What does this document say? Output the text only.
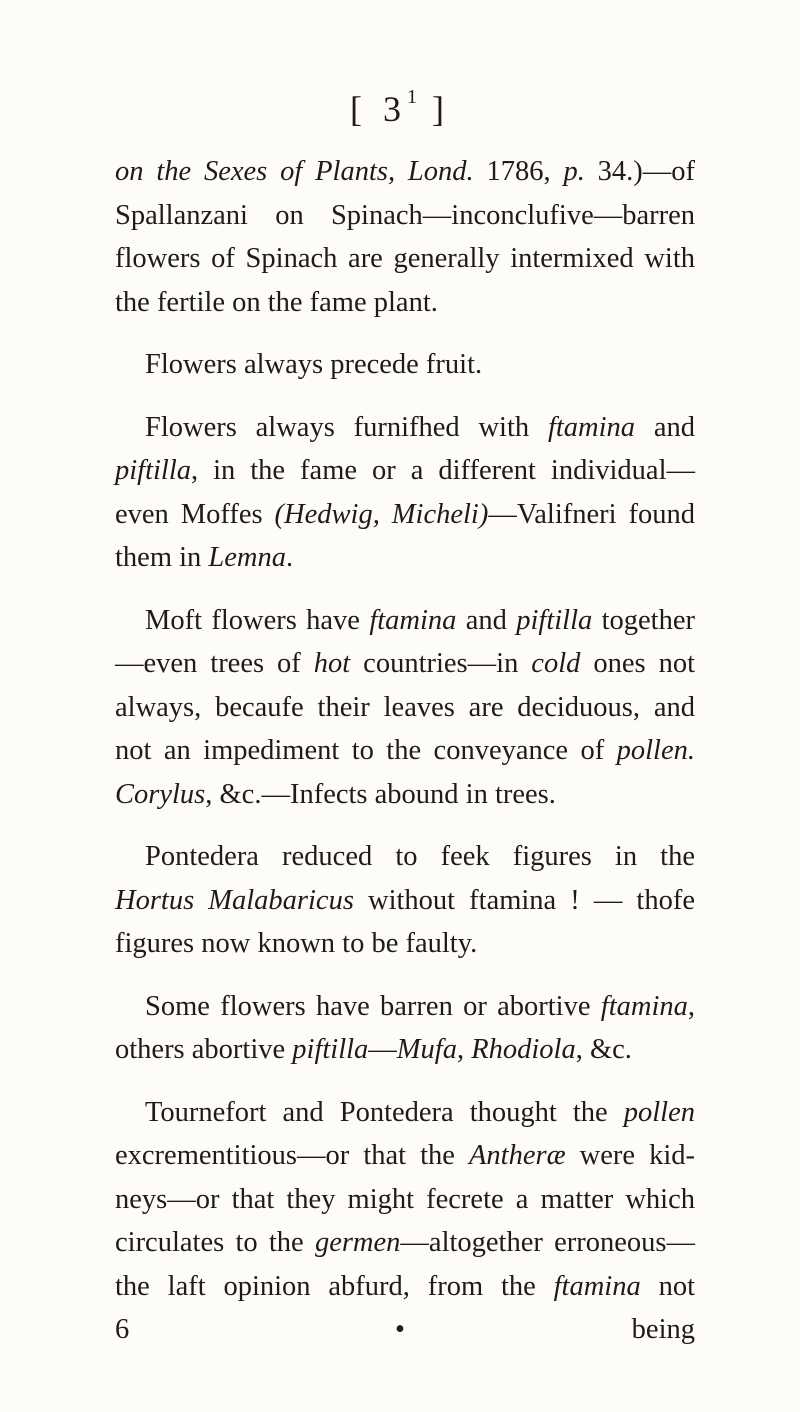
[ $3^1$ ]
on the Sexes of Plants, Lond. 1786, p. 34.)—of
Spallanzani on Spinach—inconclufive—barren
flowers of Spinach are generally intermixed with
the fertile on the fame plant.
Flowers always precede fruit.
Flowers always furnifhed with ftamina and
piftilla, in the fame or a different individual—
even Moffes (Hedwig, Micheli)—Valifneri found
them in Lemna.
Moft flowers have ftamina and piftilla together
—even trees of hot countries—in cold ones not
always, becaufe their leaves are deciduous, and
not an impediment to the conveyance of pollen.
Corylus, &c.—Infects abound in trees.
Pontedera reduced to feek figures in the
Hortus Malabaricus without ftamina ! — thofe
figures now known to be faulty.
Some flowers have barren or abortive ftamina,
others abortive piftilla—Mufa, Rhodiola, &c.
Tournefort and Pontedera thought the pollen
excrementitious—or that the Antheræ were kid-
neys—or that they might fecrete a matter which
circulates to the germen—altogether erroneous—
the laft opinion abfurd, from the ftamina not
6	•	being
